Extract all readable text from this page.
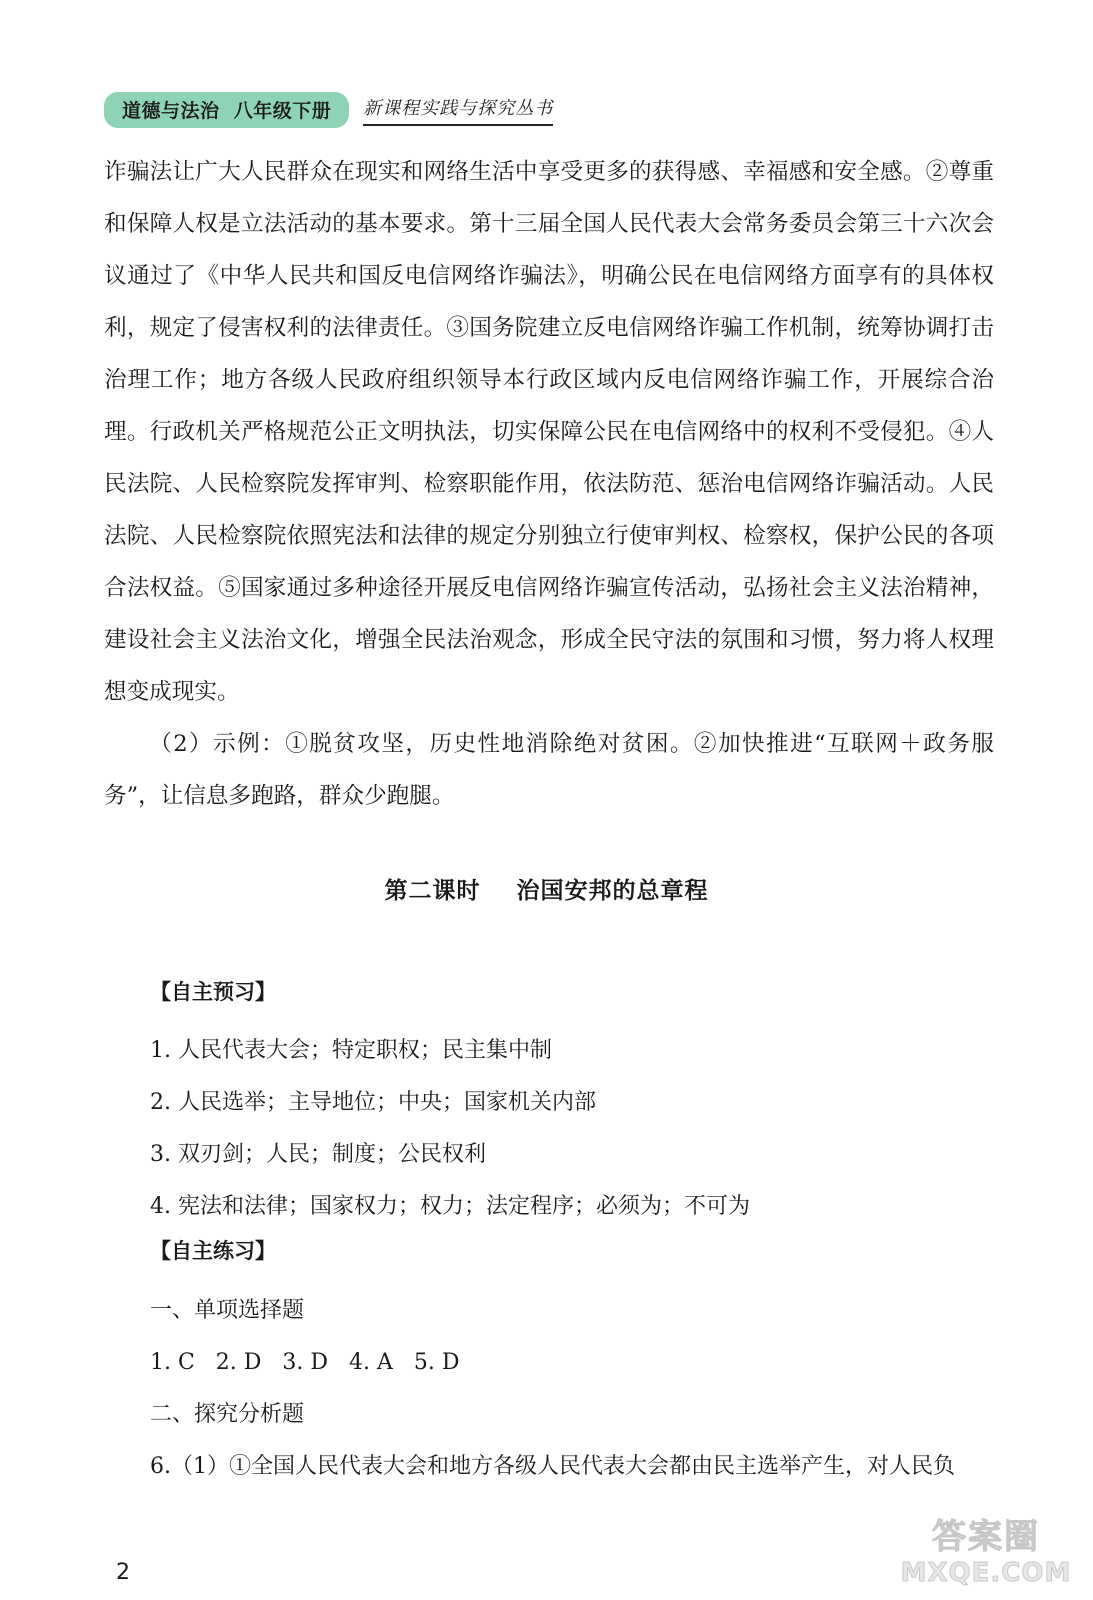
道德与法治  八年级下册	新课程实践与探究丛书

诈骗法让广大人民群众在现实和网络生活中享受更多的获得感、幸福感和安全感。②尊重和保障人权是立法活动的基本要求。第十三届全国人民代表大会常务委员会第三十六次会议通过了《中华人民共和国反电信网络诈骗法》，明确公民在电信网络方面享有的具体权利，规定了侵害权利的法律责任。③国务院建立反电信网络诈骗工作机制，统筹协调打击治理工作；地方各级人民政府组织领导本行政区域内反电信网络诈骗工作，开展综合治理。行政机关严格规范公正文明执法，切实保障公民在电信网络中的权利不受侵犯。④人民法院、人民检察院发挥审判、检察职能作用，依法防范、惩治电信网络诈骗活动。人民法院、人民检察院依照宪法和法律的规定分别独立行使审判权、检察权，保护公民的各项合法权益。⑤国家通过多种途径开展反电信网络诈骗宣传活动，弘扬社会主义法治精神，建设社会主义法治文化，增强全民法治观念，形成全民守法的氛围和习惯，努力将人权理想变成现实。

（2）示例：①脱贫攻坚，历史性地消除绝对贫困。②加快推进“互联网＋政务服务”，让信息多跑路，群众少跑腿。

第二课时    治国安邦的总章程
【自主预习】
1. 人民代表大会；特定职权；民主集中制
2. 人民选举；主导地位；中央；国家机关内部
3. 双刃剑；人民；制度；公民权利
4. 宪法和法律；国家权力；权力；法定程序；必须为；不可为
【自主练习】
一、单项选择题
1. C   2. D   3. D   4. A   5. D
二、探究分析题
6.（1）①全国人民代表大会和地方各级人民代表大会都由民主选举产生，对人民负
2
答案圈
MXQE.COM
